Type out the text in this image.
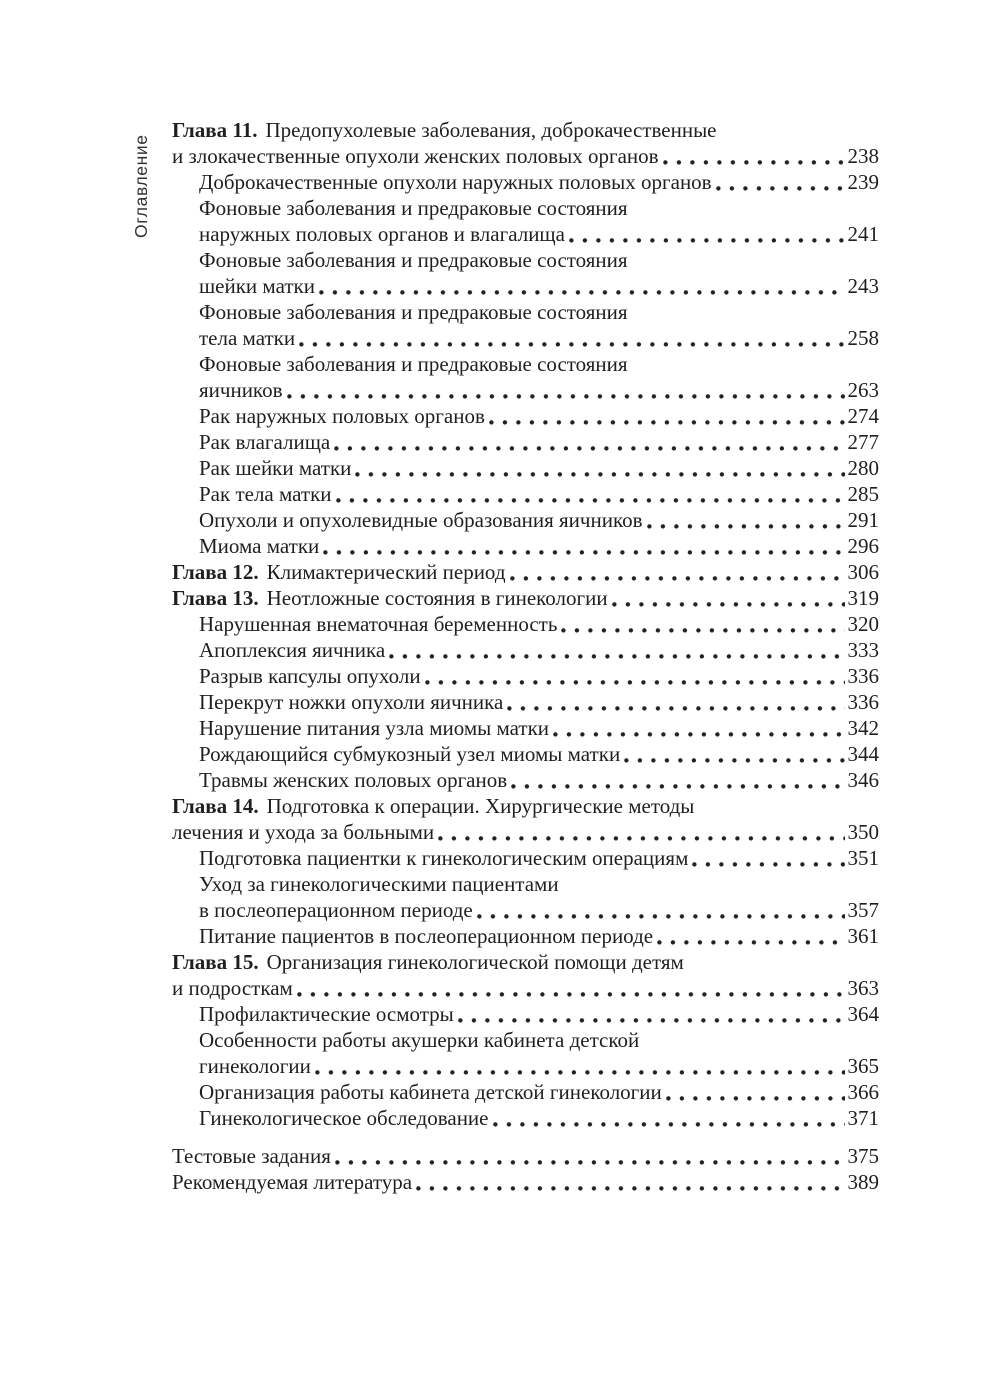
Оглавление
Глава 11. Предопухолевые заболевания, доброкачественные
и злокачественные опухоли женских половых органов	238
Доброкачественные опухоли наружных половых органов	239
Фоновые заболевания и предраковые состояния
наружных половых органов и влагалища	241
Фоновые заболевания и предраковые состояния
шейки матки	243
Фоновые заболевания и предраковые состояния
тела матки	258
Фоновые заболевания и предраковые состояния
яичников	263
Рак наружных половых органов	274
Рак влагалища	277
Рак шейки матки	280
Рак тела матки	285
Опухоли и опухолевидные образования яичников	291
Миома матки	296
Глава 12. Климактерический период	306
Глава 13. Неотложные состояния в гинекологии	319
Нарушенная внематочная беременность	320
Апоплексия яичника	333
Разрыв капсулы опухоли	336
Перекрут ножки опухоли яичника	336
Нарушение питания узла миомы матки	342
Рождающийся субмукозный узел миомы матки	344
Травмы женских половых органов	346
Глава 14. Подготовка к операции. Хирургические методы
лечения и ухода за больными	350
Подготовка пациентки к гинекологическим операциям	351
Уход за гинекологическими пациентами
в послеоперационном периоде	357
Питание пациентов в послеоперационном периоде	361
Глава 15. Организация гинекологической помощи детям
и подросткам	363
Профилактические осмотры	364
Особенности работы акушерки кабинета детской
гинекологии	365
Организация работы кабинета детской гинекологии	366
Гинекологическое обследование	371
Тестовые задания	375
Рекомендуемая литература	389
